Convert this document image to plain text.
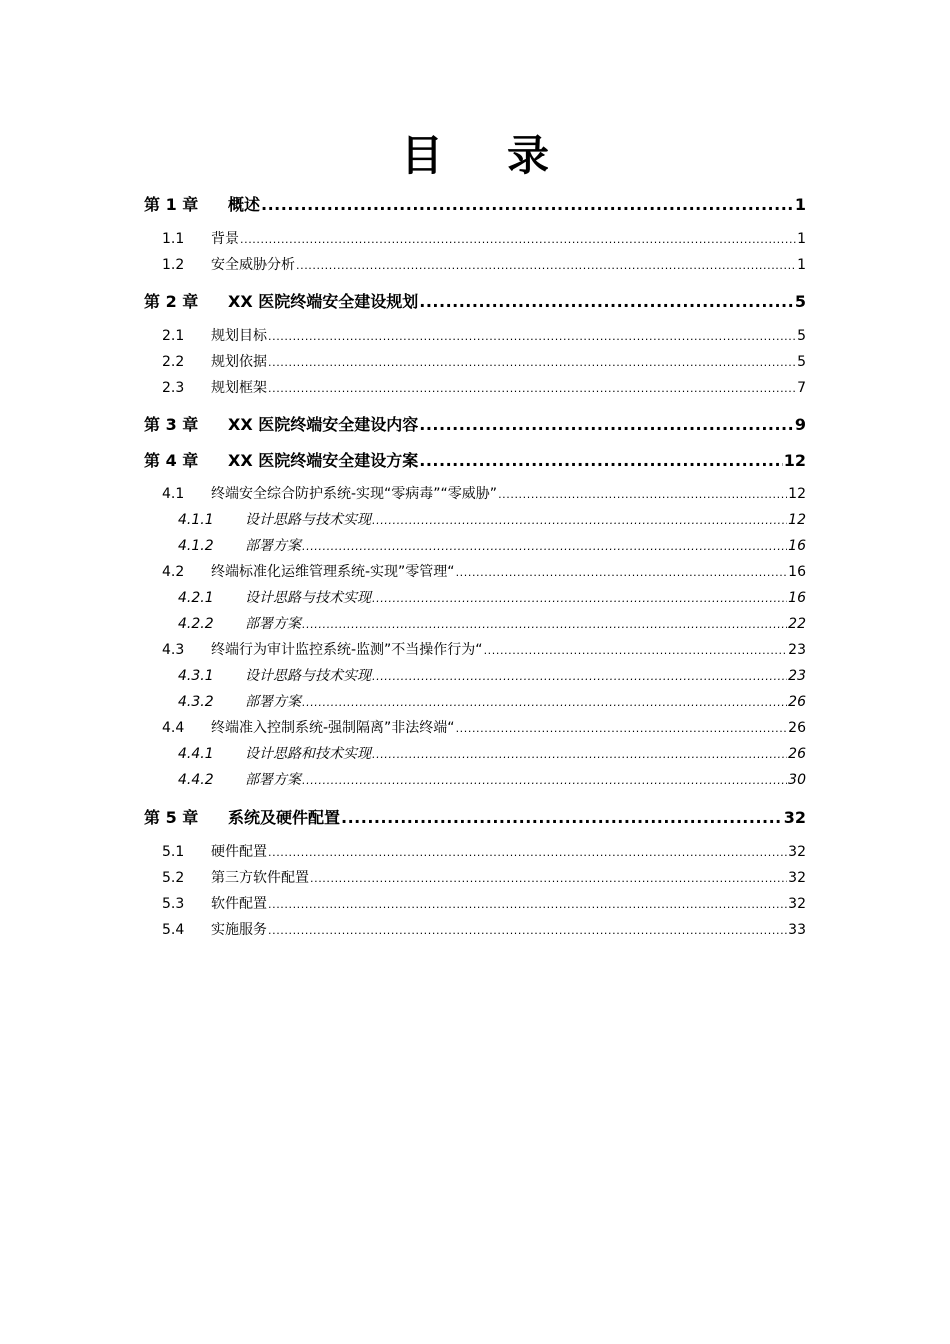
目 录
第 1 章	概述 .....	1
1.1	背景 .....	1
1.2	安全威胁分析 .....	1
第 2 章	XX 医院终端安全建设规划 .....	5
2.1	规划目标 .....	5
2.2	规划依据 .....	5
2.3	规划框架 .....	7
第 3 章	XX 医院终端安全建设内容 .....	9
第 4 章	XX 医院终端安全建设方案 .....	12
4.1	终端安全综合防护系统-实现“零病毒”“零威胁” .....	12
4.1.1	设计思路与技术实现 .....	12
4.1.2	部署方案 .....	16
4.2	终端标准化运维管理系统-实现”零管理“ .....	16
4.2.1	设计思路与技术实现 .....	16
4.2.2	部署方案 .....	22
4.3	终端行为审计监控系统-监测”不当操作行为“ .....	23
4.3.1	设计思路与技术实现 .....	23
4.3.2	部署方案 .....	26
4.4	终端准入控制系统-强制隔离”非法终端“ .....	26
4.4.1	设计思路和技术实现 .....	26
4.4.2	部署方案 .....	30
第 5 章	系统及硬件配置 .....	32
5.1	硬件配置 .....	32
5.2	第三方软件配置 .....	32
5.3	软件配置 .....	32
5.4	实施服务 .....	33
